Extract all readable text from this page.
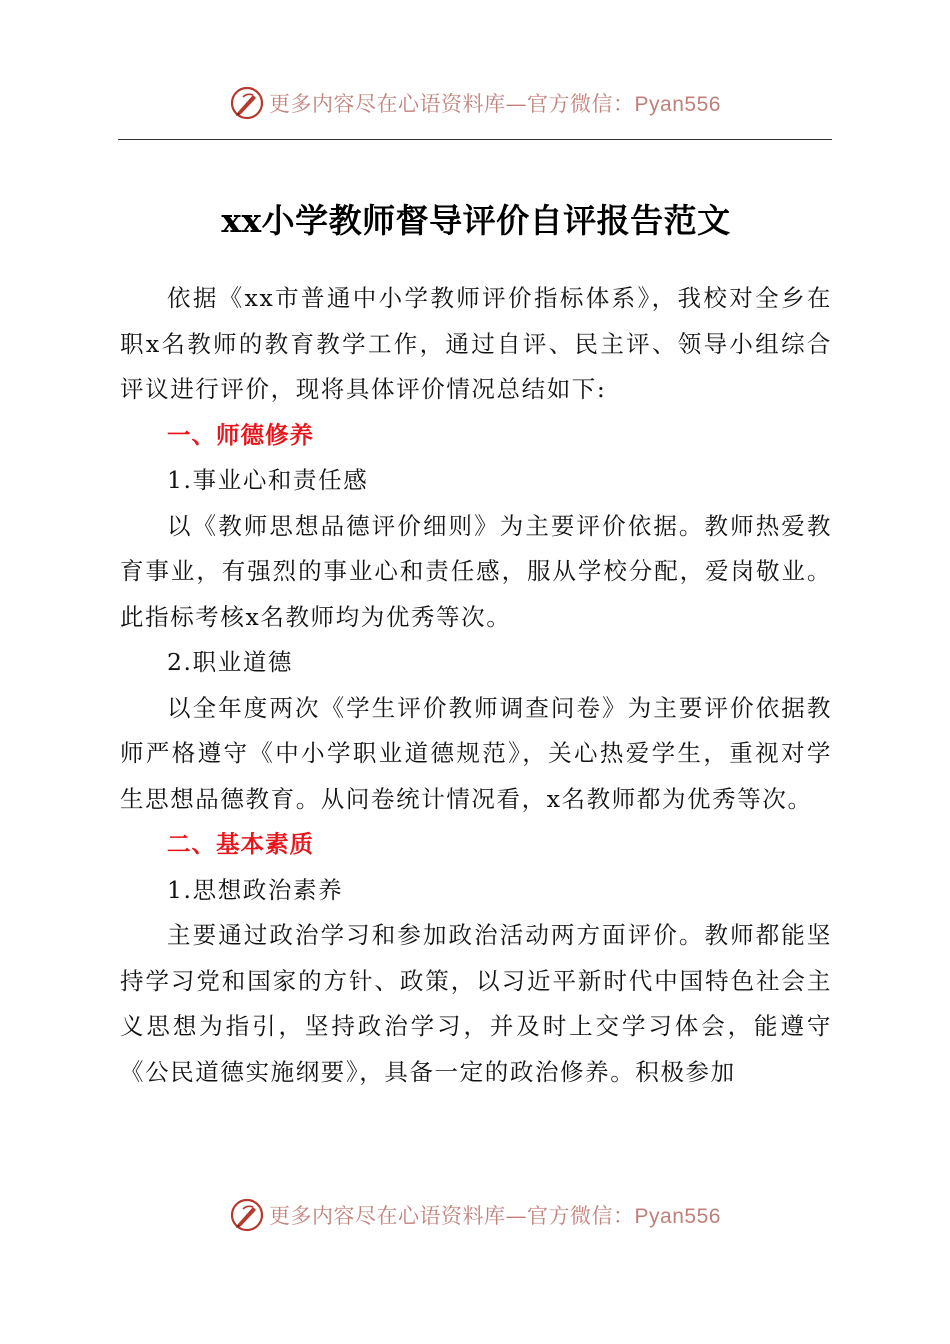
更多内容尽在心语资料库—官方微信：Pyan556
xx小学教师督导评价自评报告范文

依据《xx市普通中小学教师评价指标体系》，我校对全乡在职x名教师的教育教学工作，通过自评、民主评、领导小组综合评议进行评价，现将具体评价情况总结如下:

一、师德修养

1.事业心和责任感

以《教师思想品德评价细则》为主要评价依据。教师热爱教育事业，有强烈的事业心和责任感，服从学校分配，爱岗敬业。此指标考核x名教师均为优秀等次。

2.职业道德

以全年度两次《学生评价教师调查问卷》为主要评价依据教师严格遵守《中小学职业道德规范》，关心热爱学生，重视对学生思想品德教育。从问卷统计情况看，x名教师都为优秀等次。

二、基本素质

1.思想政治素养

主要通过政治学习和参加政治活动两方面评价。教师都能坚持学习党和国家的方针、政策，以习近平新时代中国特色社会主义思想为指引，坚持政治学习，并及时上交学习体会，能遵守《公民道德实施纲要》，具备一定的政治修养。积极参加

更多内容尽在心语资料库—官方微信：Pyan556
